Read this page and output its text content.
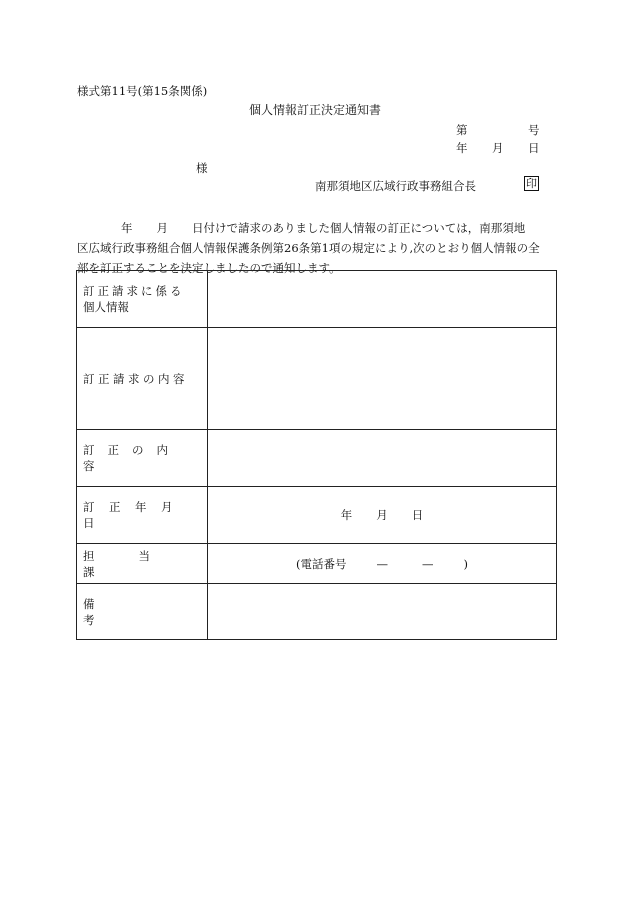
様式第11号(第15条関係)
個人情報訂正決定通知書
第	号
年 月 日
様
南那須地区広域行政事務組合長	印
年 月 日付けで請求のありました個人情報の訂正については，南那須地
区広域行政事務組合個人情報保護条例第26条第1項の規定により,次のとおり個人情報の全
部を訂正することを決定しましたので通知します。
訂正請求に係る
個人情報	

訂正請求の内容	
訂正の内容	
訂正年月日	年 月 日

担当課	(電話番号 — — )
備考	
